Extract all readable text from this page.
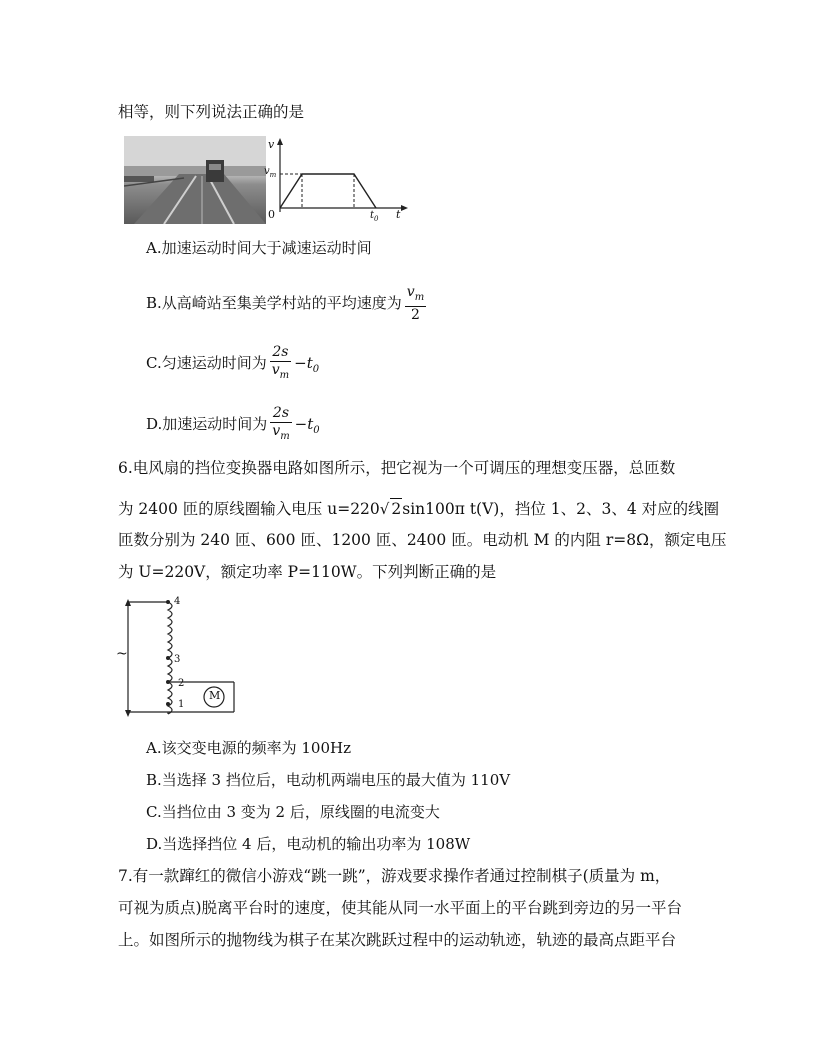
相等，则下列说法正确的是
v
$v_m$
0	$t_0$ t
A.加速运动时间大于减速运动时间
B.从高崎站至集美学村站的平均速度为 $\frac{v_m}{2}$
C.匀速运动时间为 $\frac{2s}{v_m} -t_0$
D.加速运动时间为 $\frac{2s}{v_m} -t_0$
6.电风扇的挡位变换器电路如图所示，把它视为一个可调压的理想变压器，总匝数
为 2400 匝的原线圈输入电压 u=220√ 2sin100π t(V)，挡位 1、2、3、4 对应的线圈
匝数分别为 240 匝、600 匝、1200 匝、2400 匝。电动机 M 的内阻 r=8Ω，额定电压
为 U=220V，额定功率 P=110W。下列判断正确的是
4
3
2
1
~
M
A.该交变电源的频率为 100Hz
B.当选择 3 挡位后，电动机两端电压的最大值为 110V
C.当挡位由 3 变为 2 后，原线圈的电流变大
D.当选择挡位 4 后，电动机的输出功率为 108W
7.有一款蹿红的微信小游戏“跳一跳”，游戏要求操作者通过控制棋子(质量为 m，
可视为质点)脱离平台时的速度，使其能从同一水平面上的平台跳到旁边的另一平台
上。如图所示的抛物线为棋子在某次跳跃过程中的运动轨迹，轨迹的最高点距平台
